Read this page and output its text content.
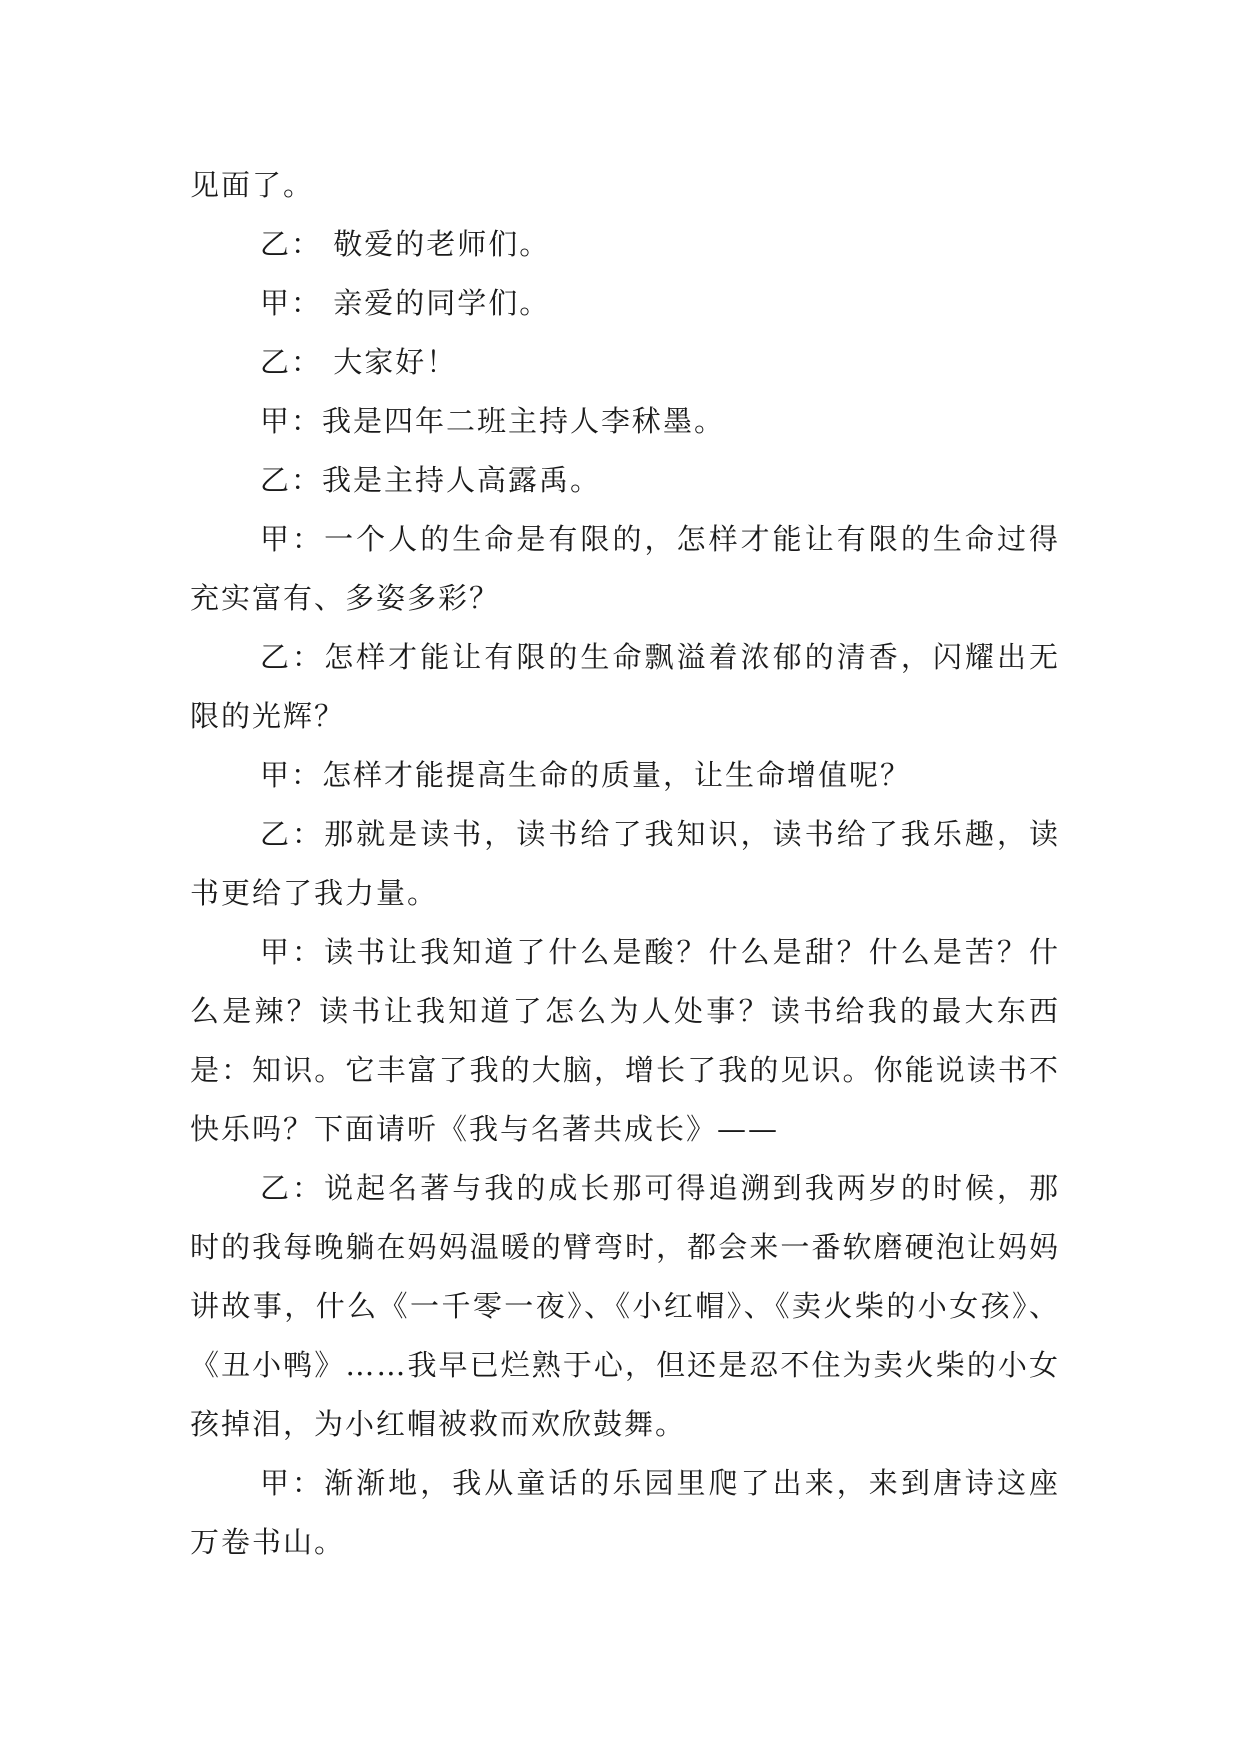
见面了。

乙： 敬爱的老师们。

甲： 亲爱的同学们。

乙： 大家好！

甲：我是四年二班主持人李秫墨。

乙：我是主持人高露禹。

甲：一个人的生命是有限的，怎样才能让有限的生命过得充实富有、多姿多彩？

乙：怎样才能让有限的生命飘溢着浓郁的清香，闪耀出无限的光辉？

甲：怎样才能提高生命的质量，让生命增值呢？

乙：那就是读书，读书给了我知识，读书给了我乐趣，读书更给了我力量。

甲：读书让我知道了什么是酸？什么是甜？什么是苦？什么是辣？读书让我知道了怎么为人处事？读书给我的最大东西是：知识。它丰富了我的大脑，增长了我的见识。你能说读书不快乐吗？下面请听《我与名著共成长》——

乙：说起名著与我的成长那可得追溯到我两岁的时候，那时的我每晚躺在妈妈温暖的臂弯时，都会来一番软磨硬泡让妈妈讲故事，什么《一千零一夜》、《小红帽》、《卖火柴的小女孩》、《丑小鸭》……我早已烂熟于心，但还是忍不住为卖火柴的小女孩掉泪，为小红帽被救而欢欣鼓舞。

甲：渐渐地，我从童话的乐园里爬了出来，来到唐诗这座万卷书山。
